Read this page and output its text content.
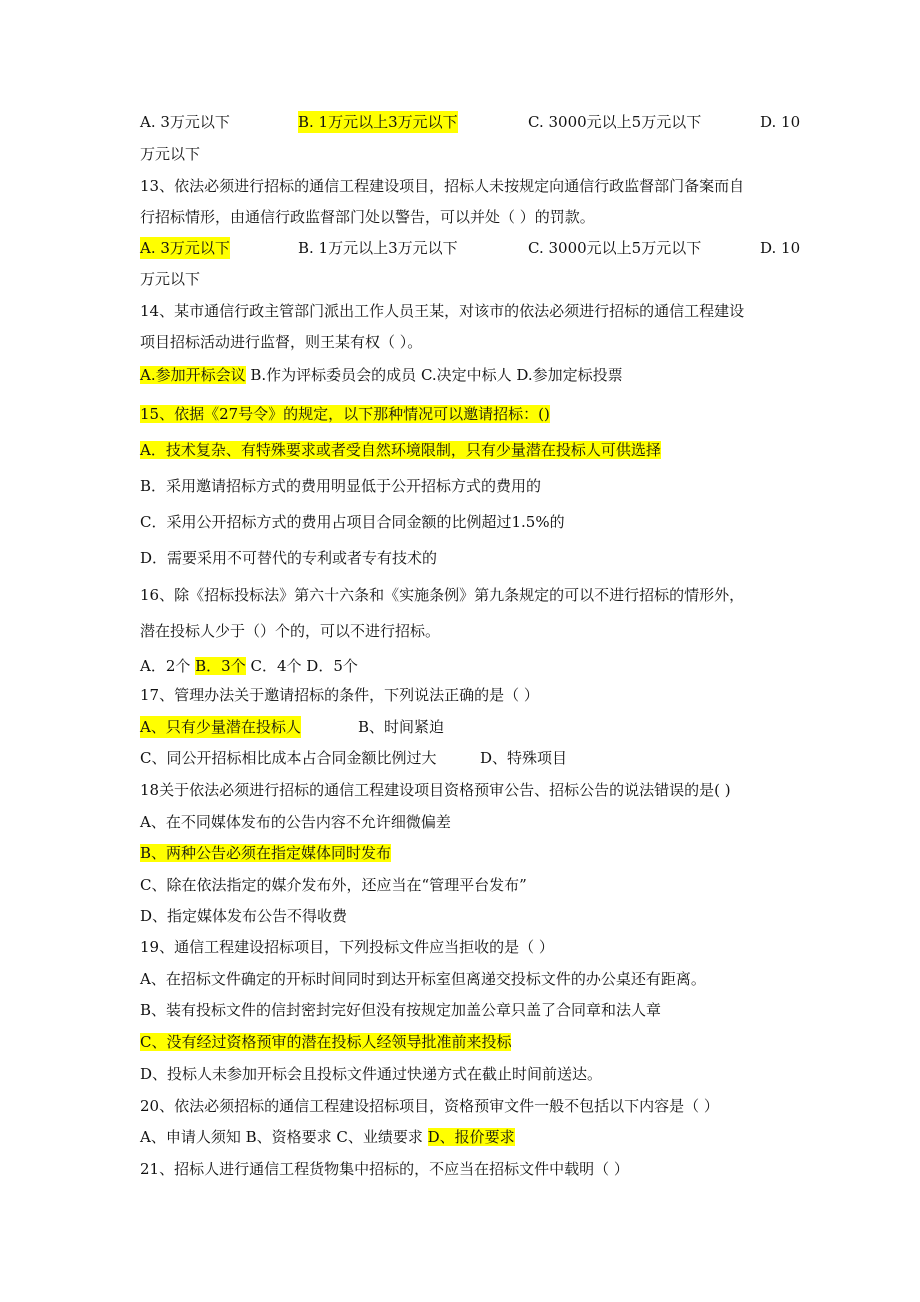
A. 3万元以下	B. 1万元以上3万元以下	C. 3000元以上5万元以下	D. 10
万元以下
13、依法必须进行招标的通信工程建设项目，招标人未按规定向通信行政监督部门备案而自
行招标情形，由通信行政监督部门处以警告，可以并处（ ）的罚款。
A. 3万元以下	B. 1万元以上3万元以下	C. 3000元以上5万元以下	D. 10
万元以下
14、某市通信行政主管部门派出工作人员王某，对该市的依法必须进行招标的通信工程建设
项目招标活动进行监督，则王某有权（ ）。
A.参加开标会议 B.作为评标委员会的成员 C.决定中标人 D.参加定标投票
15、依据《27号令》的规定，以下那种情况可以邀请招标：()
A．技术复杂、有特殊要求或者受自然环境限制，只有少量潜在投标人可供选择
B．采用邀请招标方式的费用明显低于公开招标方式的费用的
C．采用公开招标方式的费用占项目合同金额的比例超过1.5%的
D．需要采用不可替代的专利或者专有技术的
16、除《招标投标法》第六十六条和《实施条例》第九条规定的可以不进行招标的情形外，
潜在投标人少于（）个的，可以不进行招标。
A．2个 B．3个 C．4个 D．5个
17、管理办法关于邀请招标的条件，下列说法正确的是（ ）
A、只有少量潜在投标人	B、时间紧迫
C、同公开招标相比成本占合同金额比例过大	D、特殊项目
18关于依法必须进行招标的通信工程建设项目资格预审公告、招标公告的说法错误的是( )
A、在不同媒体发布的公告内容不允许细微偏差
B、两种公告必须在指定媒体同时发布
C、除在依法指定的媒介发布外，还应当在“管理平台发布”
D、指定媒体发布公告不得收费
19、通信工程建设招标项目，下列投标文件应当拒收的是（ ）
A、在招标文件确定的开标时间同时到达开标室但离递交投标文件的办公桌还有距离。
B、装有投标文件的信封密封完好但没有按规定加盖公章只盖了合同章和法人章
C、没有经过资格预审的潜在投标人经领导批准前来投标
D、投标人未参加开标会且投标文件通过快递方式在截止时间前送达。
20、依法必须招标的通信工程建设招标项目，资格预审文件一般不包括以下内容是（ ）
A、申请人须知 B、资格要求 C、业绩要求 D、报价要求
21、招标人进行通信工程货物集中招标的，不应当在招标文件中载明（ ）
